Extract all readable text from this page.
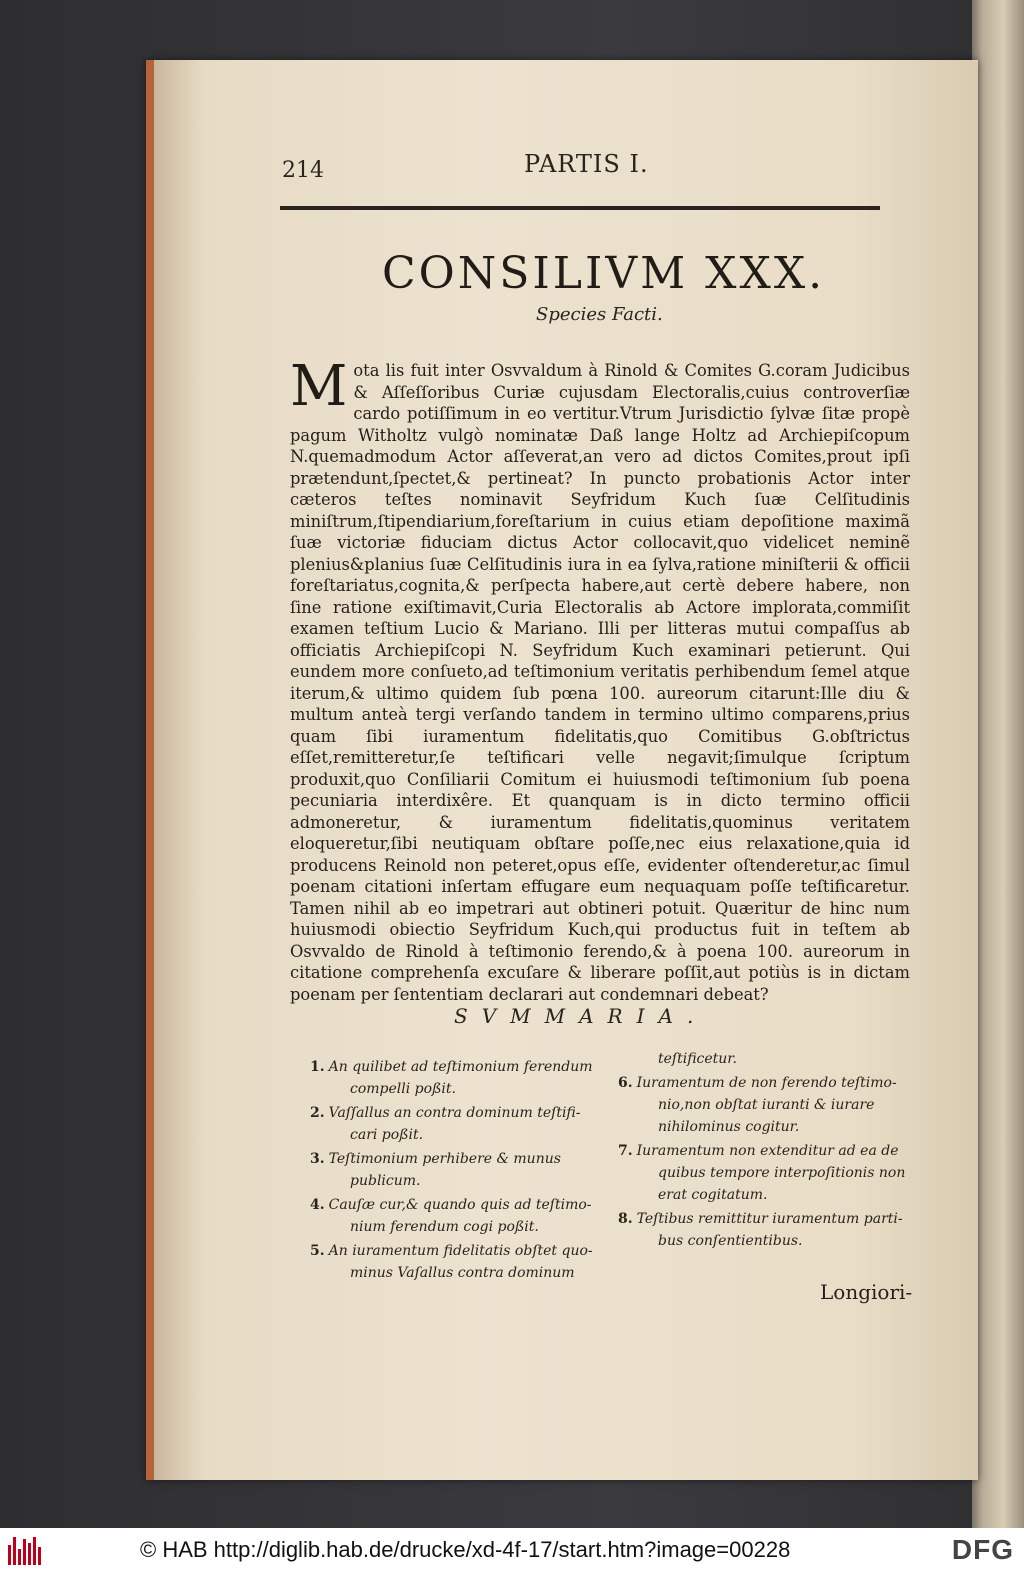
214	PARTIS I.
CONSILIVM XXX.
Species Facti.
Mota lis fuit inter Osvvaldum à Rinold & Comites G.coram Judicibus & Aſſeſſoribus Curiæ cujusdam Electoralis,cuius controverſiæ cardo potiſſimum in eo vertitur.Vtrum Jurisdictio ſylvæ ſitæ propè pagum Witholtz vulgò nominatæ Daß lange Holtz ad Archiepiſcopum N.quemadmodum Actor aſſeverat,an vero ad dictos Comites,prout ipſi prætendunt,ſpectet,& pertineat? In puncto probationis Actor inter cæteros teſtes nominavit Seyfridum Kuch ſuæ Celſitudinis miniſtrum,ſtipendiarium,foreſtarium in cuius etiam depoſitione maximã ſuæ victoriæ fiduciam dictus Actor collocavit,quo videlicet neminẽ plenius&planius ſuæ Celſitudinis iura in ea ſylva,ratione miniſterii & officii foreſtariatus,cognita,& perſpecta habere,aut certè debere habere, non ſine ratione exiſtimavit,Curia Electoralis ab Actore implorata,commiſit examen teſtium Lucio & Mariano. Illi per litteras mutui compaſſus ab officiatis Archiepiſcopi N. Seyfridum Kuch examinari petierunt. Qui eundem more conſueto,ad teſtimonium veritatis perhibendum ſemel atque iterum,& ultimo quidem ſub pœna 100. aureorum citarunt:Ille diu & multum anteà tergi verſando tandem in termino ultimo comparens,prius quam ſibi iuramentum fidelitatis,quo Comitibus G.obſtrictus eſſet,remitteretur,ſe teſtificari velle negavit;ſimulque ſcriptum produxit,quo Conſiliarii Comitum ei huiusmodi teſtimonium ſub poena pecuniaria interdixêre. Et quanquam is in dicto termino officii admoneretur, & iuramentum fidelitatis,quominus veritatem eloqueretur,ſibi neutiquam obſtare poſſe,nec eius relaxatione,quia id producens Reinold non peteret,opus eſſe, evidenter oſtenderetur,ac ſimul poenam citationi inſertam effugare eum nequaquam poſſe teſtificaretur. Tamen nihil ab eo impetrari aut obtineri potuit. Quæritur de hinc num huiusmodi obiectio Seyfridum Kuch,qui productus fuit in teſtem ab Osvvaldo de Rinold à teſtimonio ferendo,& à poena 100. aureorum in citatione comprehenſa excuſare & liberare poſſit,aut potiùs is in dictam poenam per ſententiam declarari aut condemnari debeat?
SVMMARIA.
1. An quilibet ad teſtimonium ferendum
compelli poßit.
2. Vaſſallus an contra dominum teſtifi-
cari poßit.
3. Teſtimonium perhibere & munus
publicum.
4. Cauſæ cur,& quando quis ad teſtimo-
nium ferendum cogi poßit.
5. An iuramentum fidelitatis obſtet quo-
minus Vaſallus contra dominum
teſtificetur.
6. Iuramentum de non ferendo teſtimo-
nio,non obſtat iuranti & iurare nihilominus cogitur.
7. Iuramentum non extenditur ad ea de
quibus tempore interpoſitionis non erat cogitatum.
8. Teſtibus remittitur iuramentum parti-
bus conſentientibus.
Longiori-
© HAB http://diglib.hab.de/drucke/xd-4f-17/start.htm?image=00228	DFG
